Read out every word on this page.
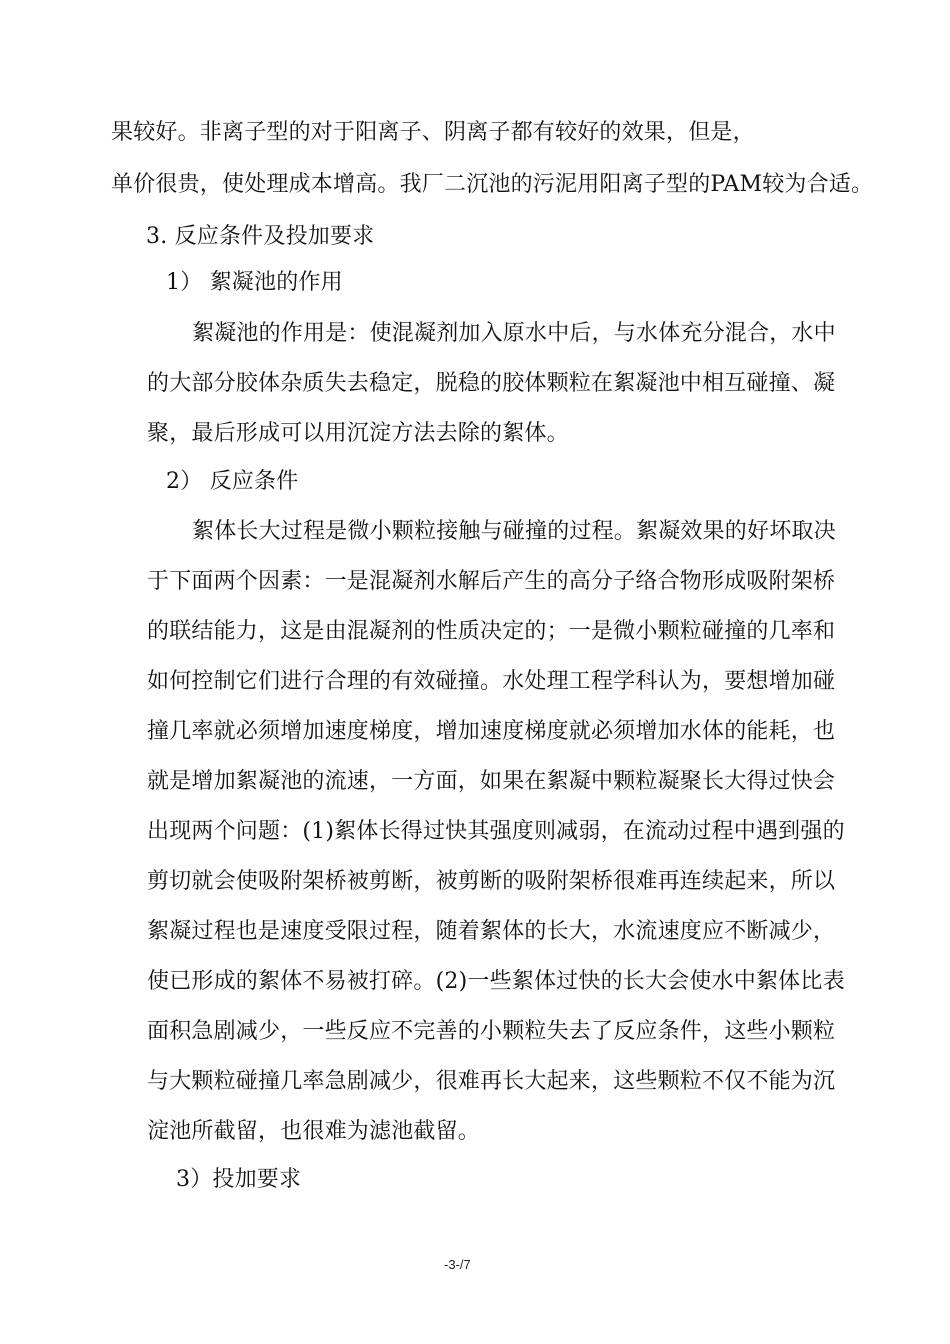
果较好。非离子型的对于阳离子、阴离子都有较好的效果，但是，
单价很贵，使处理成本增高。我厂二沉池的污泥用阳离子型的PAM较为合适。
3. 反应条件及投加要求
1） 絮凝池的作用
絮凝池的作用是：使混凝剂加入原水中后，与水体充分混合，水中
的大部分胶体杂质失去稳定，脱稳的胶体颗粒在絮凝池中相互碰撞、凝
聚，最后形成可以用沉淀方法去除的絮体。
2） 反应条件
絮体长大过程是微小颗粒接触与碰撞的过程。絮凝效果的好坏取决
于下面两个因素：一是混凝剂水解后产生的高分子络合物形成吸附架桥
的联结能力，这是由混凝剂的性质决定的；一是微小颗粒碰撞的几率和
如何控制它们进行合理的有效碰撞。水处理工程学科认为，要想增加碰
撞几率就必须增加速度梯度，增加速度梯度就必须增加水体的能耗，也
就是增加絮凝池的流速，一方面，如果在絮凝中颗粒凝聚长大得过快会
出现两个问题：(1)絮体长得过快其强度则减弱，在流动过程中遇到强的
剪切就会使吸附架桥被剪断，被剪断的吸附架桥很难再连续起来，所以
絮凝过程也是速度受限过程，随着絮体的长大，水流速度应不断减少，
使已形成的絮体不易被打碎。(2)一些絮体过快的长大会使水中絮体比表
面积急剧减少，一些反应不完善的小颗粒失去了反应条件，这些小颗粒
与大颗粒碰撞几率急剧减少，很难再长大起来，这些颗粒不仅不能为沉
淀池所截留，也很难为滤池截留。
3）投加要求
-3-/7
